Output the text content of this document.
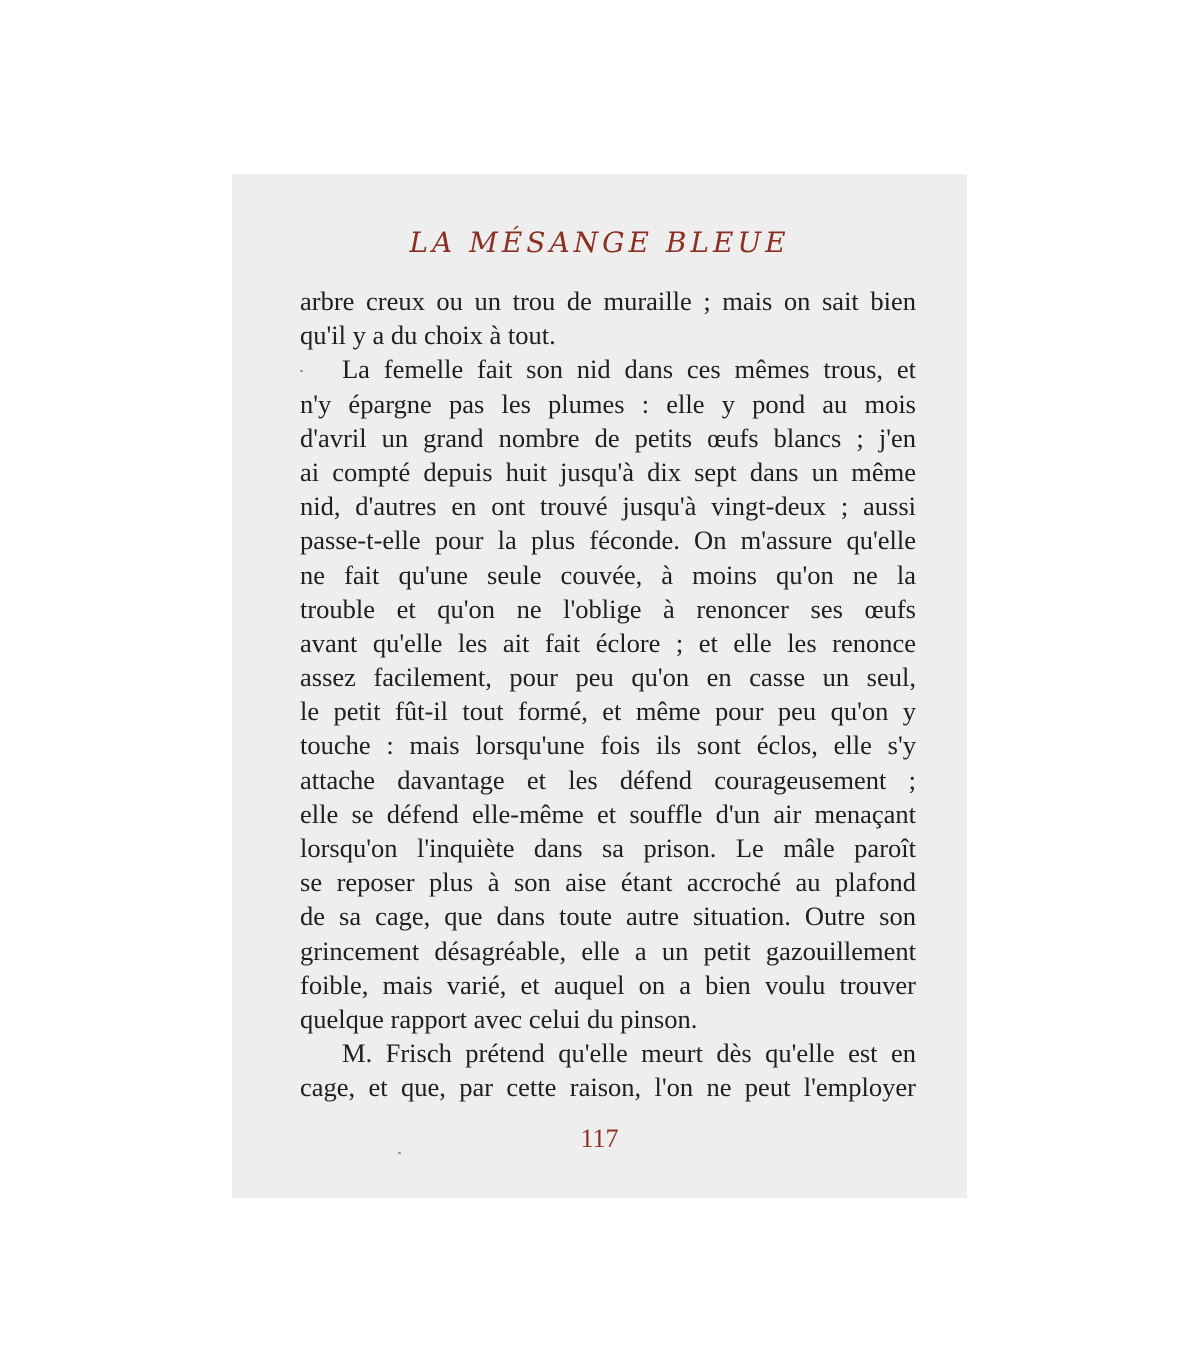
LA MÉSANGE BLEUE
arbre creux ou un trou de muraille ; mais on sait bien
qu'il y a du choix à tout.
La femelle fait son nid dans ces mêmes trous, et
n'y épargne pas les plumes : elle y pond au mois
d'avril un grand nombre de petits œufs blancs ; j'en
ai compté depuis huit jusqu'à dix sept dans un même
nid, d'autres en ont trouvé jusqu'à vingt-deux ; aussi
passe-t-elle pour la plus féconde. On m'assure qu'elle
ne fait qu'une seule couvée, à moins qu'on ne la
trouble et qu'on ne l'oblige à renoncer ses œufs
avant qu'elle les ait fait éclore ; et elle les renonce
assez facilement, pour peu qu'on en casse un seul,
le petit fût-il tout formé, et même pour peu qu'on y
touche : mais lorsqu'une fois ils sont éclos, elle s'y
attache davantage et les défend courageusement ;
elle se défend elle-même et souffle d'un air menaçant
lorsqu'on l'inquiète dans sa prison. Le mâle paroît
se reposer plus à son aise étant accroché au plafond
de sa cage, que dans toute autre situation. Outre son
grincement désagréable, elle a un petit gazouillement
foible, mais varié, et auquel on a bien voulu trouver
quelque rapport avec celui du pinson.
M. Frisch prétend qu'elle meurt dès qu'elle est en
cage, et que, par cette raison, l'on ne peut l'employer
117
